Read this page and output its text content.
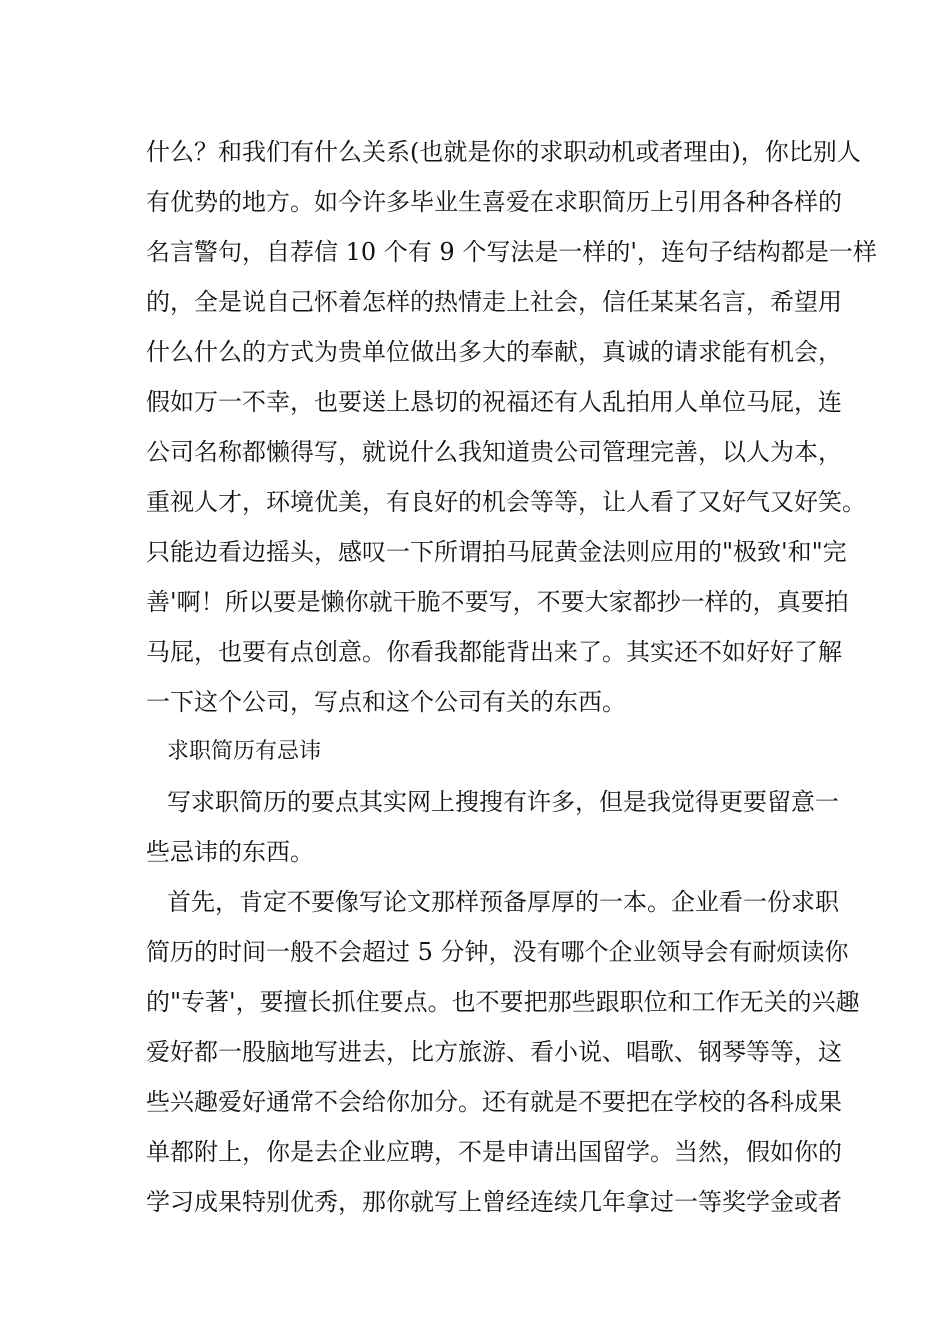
什么？和我们有什么关系(也就是你的求职动机或者理由)，你比别人
有优势的地方。如今许多毕业生喜爱在求职简历上引用各种各样的
名言警句，自荐信 10 个有 9 个写法是一样的'，连句子结构都是一样
的，全是说自己怀着怎样的热情走上社会，信任某某名言，希望用
什么什么的方式为贵单位做出多大的奉献，真诚的请求能有机会，
假如万一不幸，也要送上恳切的祝福还有人乱拍用人单位马屁，连
公司名称都懒得写，就说什么我知道贵公司管理完善，以人为本，
重视人才，环境优美，有良好的机会等等，让人看了又好气又好笑。
只能边看边摇头，感叹一下所谓拍马屁黄金法则应用的"极致'和"完
善'啊！所以要是懒你就干脆不要写，不要大家都抄一样的，真要拍
马屁，也要有点创意。你看我都能背出来了。其实还不如好好了解
一下这个公司，写点和这个公司有关的东西。
求职简历有忌讳
写求职简历的要点其实网上搜搜有许多，但是我觉得更要留意一
些忌讳的东西。
首先，肯定不要像写论文那样预备厚厚的一本。企业看一份求职
简历的时间一般不会超过 5 分钟，没有哪个企业领导会有耐烦读你
的"专著'，要擅长抓住要点。也不要把那些跟职位和工作无关的兴趣
爱好都一股脑地写进去，比方旅游、看小说、唱歌、钢琴等等，这
些兴趣爱好通常不会给你加分。还有就是不要把在学校的各科成果
单都附上，你是去企业应聘，不是申请出国留学。当然，假如你的
学习成果特别优秀，那你就写上曾经连续几年拿过一等奖学金或者
